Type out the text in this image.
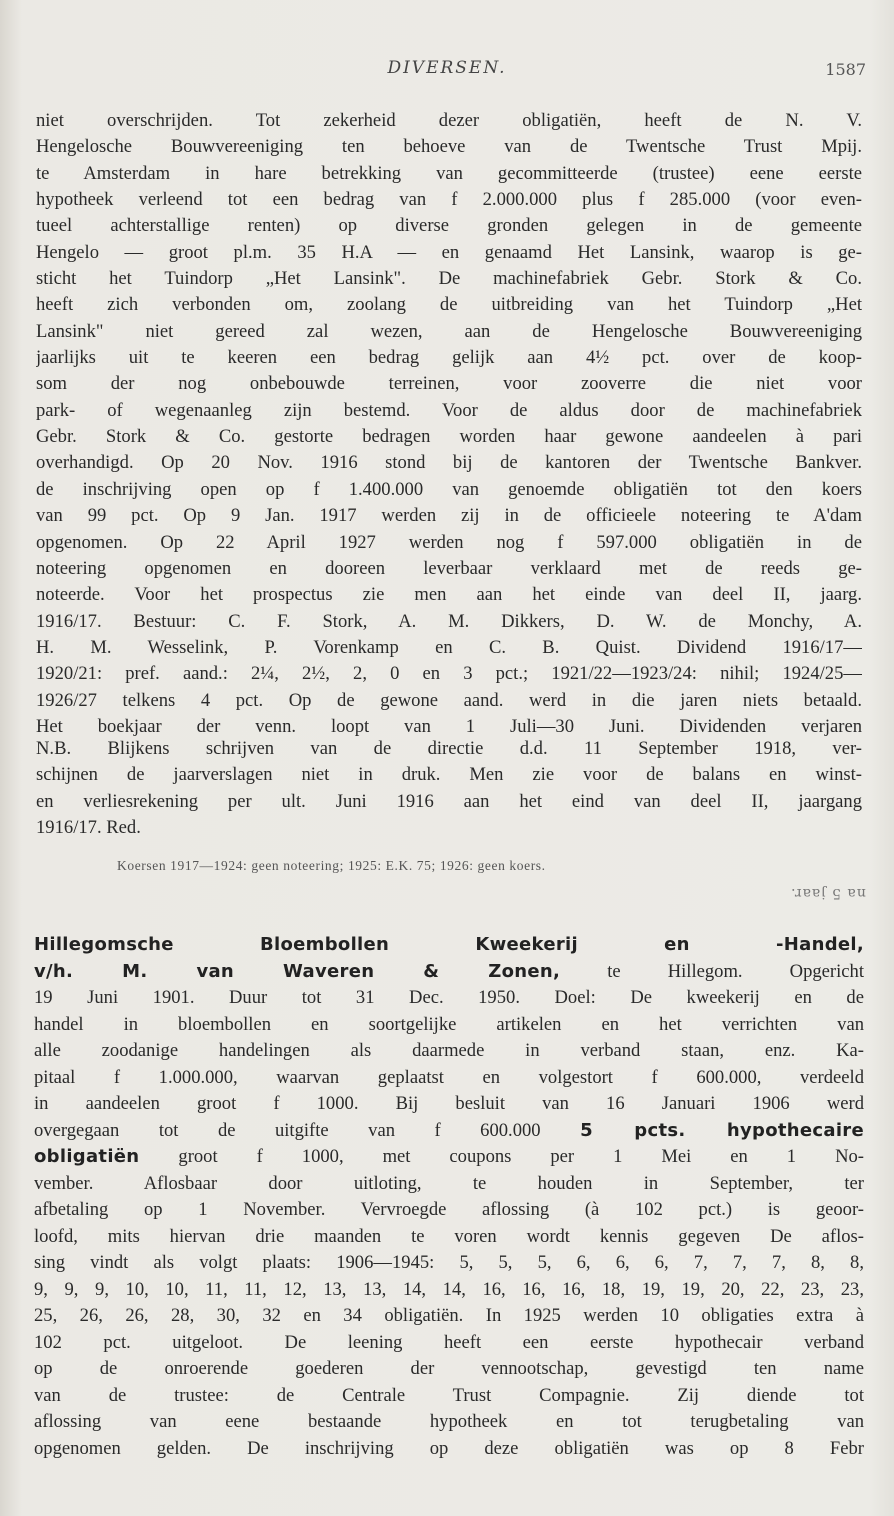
DIVERSEN.	1587
niet overschrijden. Tot zekerheid dezer obligatiën, heeft de N. V.
Hengelosche Bouwvereeniging ten behoeve van de Twentsche Trust Mpij.
te Amsterdam in hare betrekking van gecommitteerde (trustee) eene eerste
hypotheek verleend tot een bedrag van f 2.000.000 plus f 285.000 (voor even-
tueel achterstallige renten) op diverse gronden gelegen in de gemeente
Hengelo — groot pl.m. 35 H.A — en genaamd Het Lansink, waarop is ge-
sticht het Tuindorp „Het Lansink". De machinefabriek Gebr. Stork & Co.
heeft zich verbonden om, zoolang de uitbreiding van het Tuindorp „Het
Lansink" niet gereed zal wezen, aan de Hengelosche Bouwvereeniging
jaarlijks uit te keeren een bedrag gelijk aan 4½ pct. over de koop-
som der nog onbebouwde terreinen, voor zooverre die niet voor
park- of wegenaanleg zijn bestemd. Voor de aldus door de machinefabriek
Gebr. Stork & Co. gestorte bedragen worden haar gewone aandeelen à pari
overhandigd. Op 20 Nov. 1916 stond bij de kantoren der Twentsche Bankver.
de inschrijving open op f 1.400.000 van genoemde obligatiën tot den koers
van 99 pct. Op 9 Jan. 1917 werden zij in de officieele noteering te A'dam
opgenomen. Op 22 April 1927 werden nog f 597.000 obligatiën in de
noteering opgenomen en dooreen leverbaar verklaard met de reeds ge-
noteerde. Voor het prospectus zie men aan het einde van deel II, jaarg.
1916/17. Bestuur: C. F. Stork, A. M. Dikkers, D. W. de Monchy, A.
H. M. Wesselink, P. Vorenkamp en C. B. Quist. Dividend 1916/17—
1920/21: pref. aand.: 2¼, 2½, 2, 0 en 3 pct.; 1921/22—1923/24: nihil; 1924/25—
1926/27 telkens 4 pct. Op de gewone aand. werd in die jaren niets betaald.
Het boekjaar der venn. loopt van 1 Juli—30 Juni. Dividenden verjaren
N.B. Blijkens schrijven van de directie d.d. 11 September 1918, ver-
schijnen de jaarverslagen niet in druk. Men zie voor de balans en winst-
en verliesrekening per ult. Juni 1916 aan het eind van deel II, jaargang
1916/17. Red.
Koersen 1917—1924: geen noteering; 1925: E.K. 75; 1926: geen koers.
na 5 jaar.
Hillegomsche Bloembollen Kweekerij en -Handel,
v/h. M. van Waveren & Zonen, te Hillegom. Opgericht
19 Juni 1901. Duur tot 31 Dec. 1950. Doel: De kweekerij en de
handel in bloembollen en soortgelijke artikelen en het verrichten van
alle zoodanige handelingen als daarmede in verband staan, enz. Ka-
pitaal f 1.000.000, waarvan geplaatst en volgestort f 600.000, verdeeld
in aandeelen groot f 1000. Bij besluit van 16 Januari 1906 werd
overgegaan tot de uitgifte van f 600.000 5 pcts. hypothecaire
obligatiën groot f 1000, met coupons per 1 Mei en 1 No-
vember. Aflosbaar door uitloting, te houden in September, ter
afbetaling op 1 November. Vervroegde aflossing (à 102 pct.) is geoor-
loofd, mits hiervan drie maanden te voren wordt kennis gegeven De aflos-
sing vindt als volgt plaats: 1906—1945: 5, 5, 5, 6, 6, 6, 7, 7, 7, 8, 8,
9, 9, 9, 10, 10, 11, 11, 12, 13, 13, 14, 14, 16, 16, 16, 18, 19, 19, 20, 22, 23, 23,
25, 26, 26, 28, 30, 32 en 34 obligatiën. In 1925 werden 10 obligaties extra à
102 pct. uitgeloot. De leening heeft een eerste hypothecair verband
op de onroerende goederen der vennootschap, gevestigd ten name
van de trustee: de Centrale Trust Compagnie. Zij diende tot
aflossing van eene bestaande hypotheek en tot terugbetaling van
opgenomen gelden. De inschrijving op deze obligatiën was op 8 Febr
